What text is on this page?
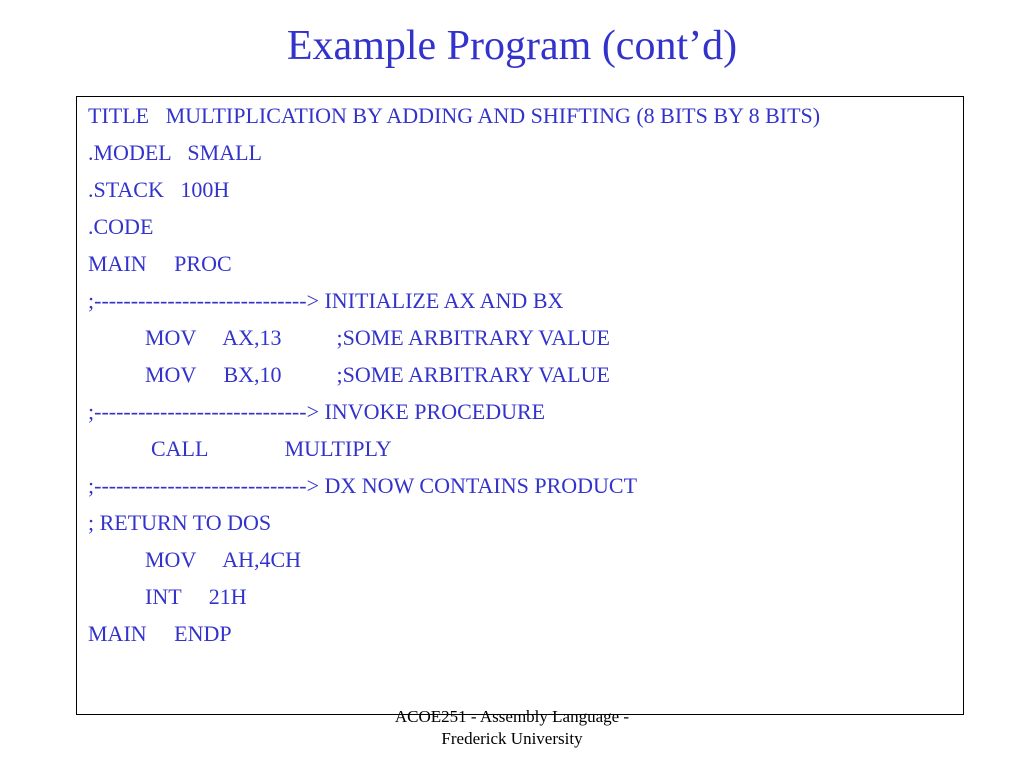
Example Program (cont’d)
TITLE   MULTIPLICATION BY ADDING AND SHIFTING (8 BITS BY 8 BITS)
.MODEL   SMALL
.STACK   100H
.CODE
MAIN     PROC
;-----------------------------> INITIALIZE AX AND BX
MOV     AX,13          ;SOME ARBITRARY VALUE
MOV     BX,10          ;SOME ARBITRARY VALUE
;-----------------------------> INVOKE PROCEDURE
CALL              MULTIPLY
;-----------------------------> DX NOW CONTAINS PRODUCT
; RETURN TO DOS
MOV     AH,4CH
INT     21H
MAIN     ENDP
ACOE251 - Assembly Language -
Frederick University
